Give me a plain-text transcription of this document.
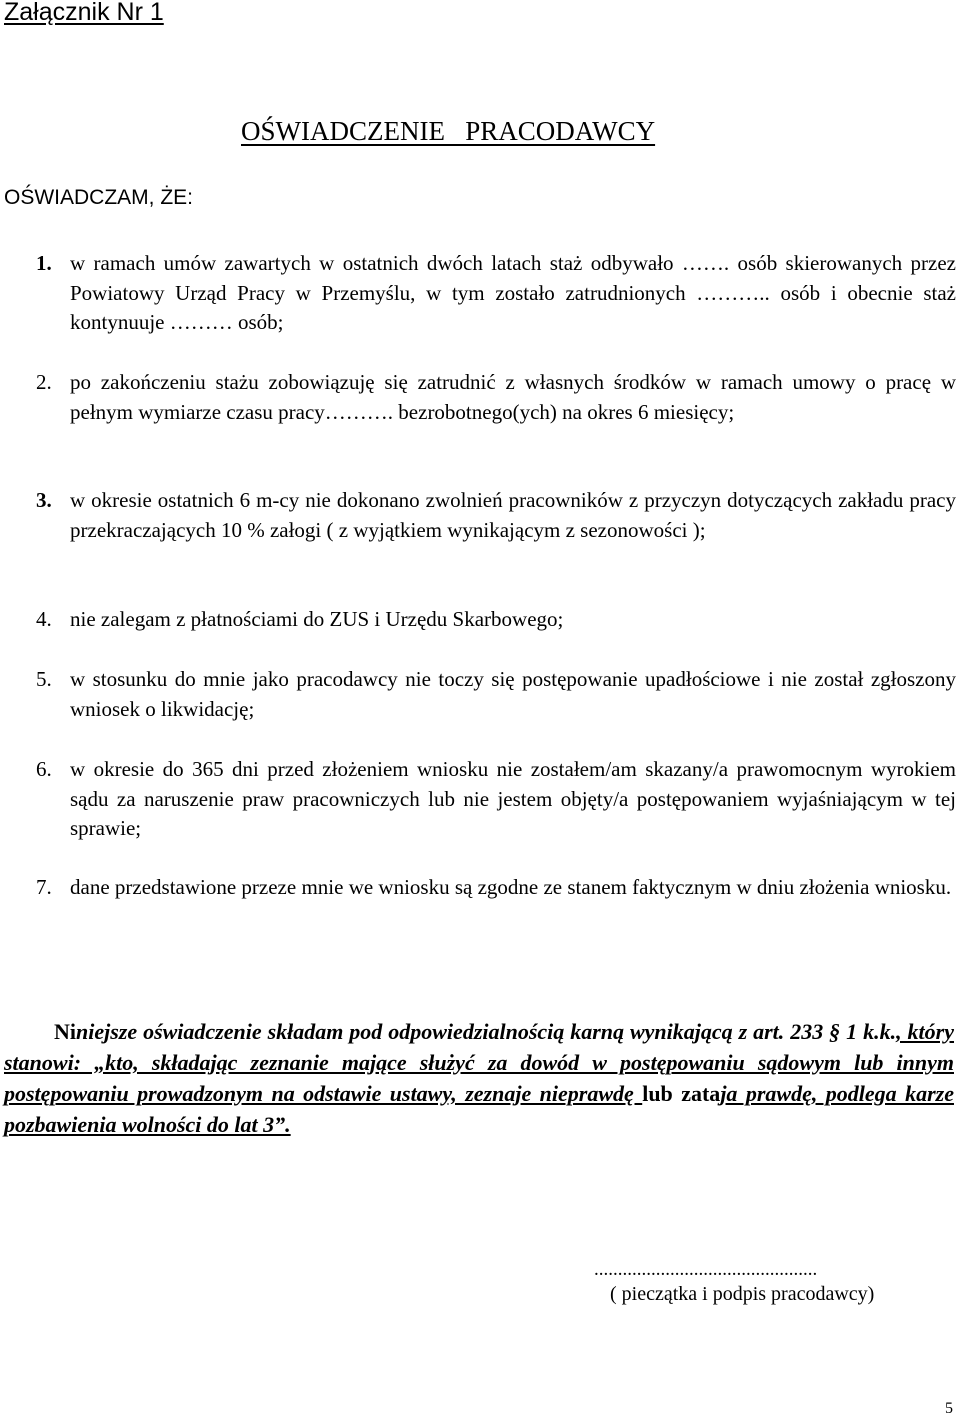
Załącznik Nr 1
OŚWIADCZENIE   PRACODAWCY
OŚWIADCZAM, ŻE:
1. w ramach umów zawartych w ostatnich dwóch latach staż odbywało ……. osób skierowanych przez Powiatowy Urząd Pracy w Przemyślu, w tym zostało zatrudnionych ……….. osób i obecnie staż kontynuuje ……… osób;
2. po zakończeniu stażu zobowiązuję się zatrudnić z własnych środków w ramach umowy o pracę w pełnym wymiarze czasu pracy………. bezrobotnego(ych) na okres 6 miesięcy;
3. w okresie ostatnich 6 m-cy nie dokonano zwolnień pracowników z przyczyn dotyczących zakładu pracy przekraczających 10 % załogi ( z wyjątkiem wynikającym z sezonowości );
4. nie zalegam z płatnościami do ZUS i Urzędu Skarbowego;
5. w stosunku do mnie jako pracodawcy nie toczy się postępowanie upadłościowe i nie został zgłoszony wniosek o likwidację;
6. w okresie do 365 dni przed złożeniem wniosku nie zostałem/am skazany/a prawomocnym wyrokiem sądu za naruszenie praw pracowniczych lub nie jestem objęty/a postępowaniem wyjaśniającym w tej sprawie;
7. dane przedstawione przeze mnie we wniosku są zgodne ze stanem faktycznym w dniu złożenia wniosku.
Niniejsze oświadczenie składam pod odpowiedzialnością karną wynikającą z art. 233 § 1 k.k., który stanowi: „kto, składając zeznanie mające służyć za dowód w postępowaniu sądowym lub innym postępowaniu prowadzonym na odstawie ustawy, zeznaje nieprawdę lub zataja prawdę, podlega karze pozbawienia wolności do lat 3”.
...............................................
( pieczątka i podpis pracodawcy)
5
